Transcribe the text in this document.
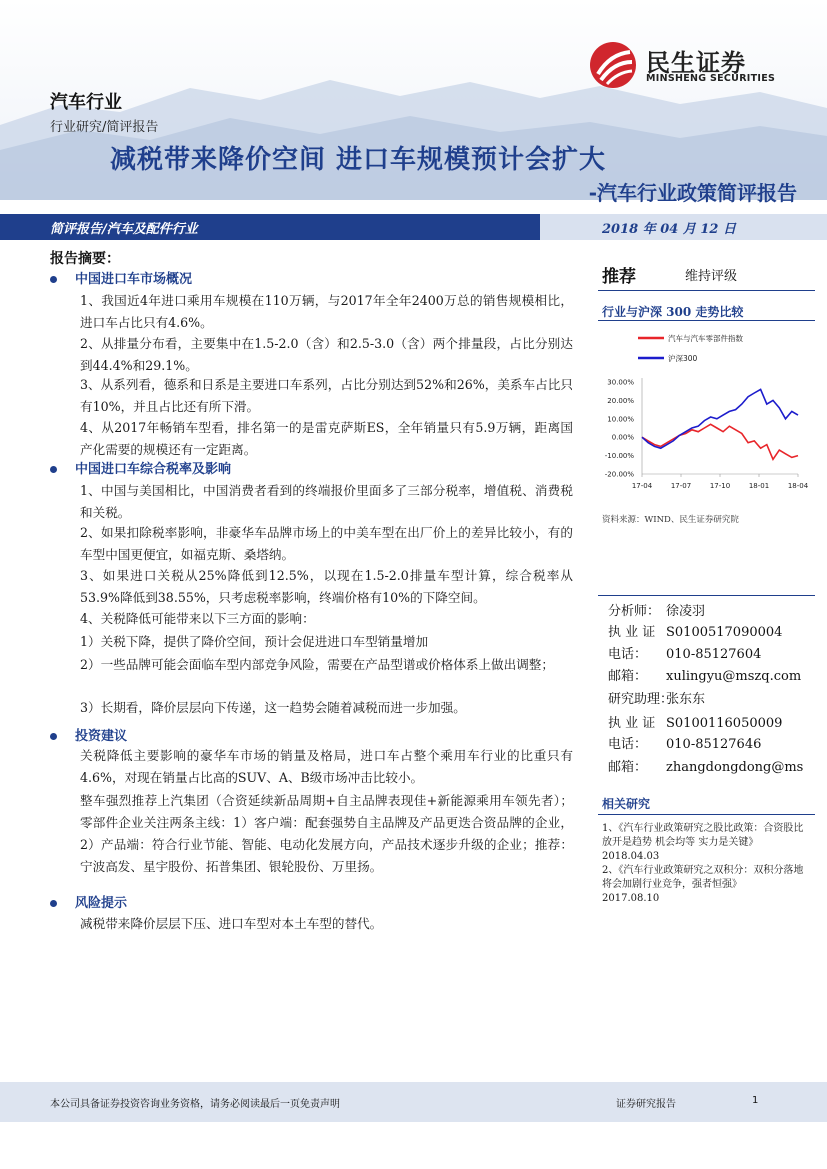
民生证券
MINSHENG SECURITIES
汽车行业
行业研究/简评报告
减税带来降价空间 进口车规模预计会扩大
-汽车行业政策简评报告
简评报告/汽车及配件行业	2018 年 04 月 12 日
报告摘要：
中国进口车市场概况
1、我国近4年进口乘用车规模在110万辆，与2017年全年2400万总的销售规模相比，进口车占比只有4.6%。
2、从排量分布看，主要集中在1.5-2.0（含）和2.5-3.0（含）两个排量段，占比分别达到44.4%和29.1%。
3、从系列看，德系和日系是主要进口车系列，占比分别达到52%和26%，美系车占比只有10%，并且占比还有所下滑。
4、从2017年畅销车型看，排名第一的是雷克萨斯ES，全年销量只有5.9万辆，距离国产化需要的规模还有一定距离。
中国进口车综合税率及影响
1、中国与美国相比，中国消费者看到的终端报价里面多了三部分税率，增值税、消费税和关税。
2、如果扣除税率影响，非豪华车品牌市场上的中美车型在出厂价上的差异比较小，有的车型中国更便宜，如福克斯、桑塔纳。
3、如果进口关税从25%降低到12.5%，以现在1.5-2.0排量车型计算，综合税率从53.9%降低到38.55%，只考虑税率影响，终端价格有10%的下降空间。
4、关税降低可能带来以下三方面的影响：
1）关税下降，提供了降价空间，预计会促进进口车型销量增加
2）一些品牌可能会面临车型内部竞争风险，需要在产品型谱或价格体系上做出调整；
3）长期看，降价层层向下传递，这一趋势会随着减税而进一步加强。
投资建议
关税降低主要影响的豪华车市场的销量及格局，进口车占整个乘用车行业的比重只有4.6%，对现在销量占比高的SUV、A、B级市场冲击比较小。
整车强烈推荐上汽集团（合资延续新品周期+自主品牌表现佳+新能源乘用车领先者）；零部件企业关注两条主线：1）客户端：配套强势自主品牌及产品更迭合资品牌的企业，2）产品端：符合行业节能、智能、电动化发展方向，产品技术逐步升级的企业；推荐：宁波高发、星宇股份、拓普集团、银轮股份、万里扬。
风险提示
减税带来降价层层下压、进口车型对本土车型的替代。
推荐	维持评级
行业与沪深 300 走势比较
汽车与汽车零部件指数
沪深300
30.00%
20.00%
10.00%
0.00%
-10.00%
-20.00%
17-04	17-07	17-10	18-01	18-04
资料来源：WIND、民生证券研究院
分析师： 徐凌羽
执 业 证 S0100517090004
电话： 010-85127604
邮箱： xulingyu@mszq.com
研究助理：张东东
执 业 证 S0100116050009
电话： 010-85127646
邮箱： zhangdongdong@ms
相关研究
1、《汽车行业政策研究之股比政策：合资股比放开是趋势 机会均等 实力是关键》
2018.04.03
2、《汽车行业政策研究之双积分：双积分落地将会加剧行业竞争，强者恒强》
2017.08.10
本公司具备证券投资咨询业务资格，请务必阅读最后一页免责声明	证券研究报告	1
